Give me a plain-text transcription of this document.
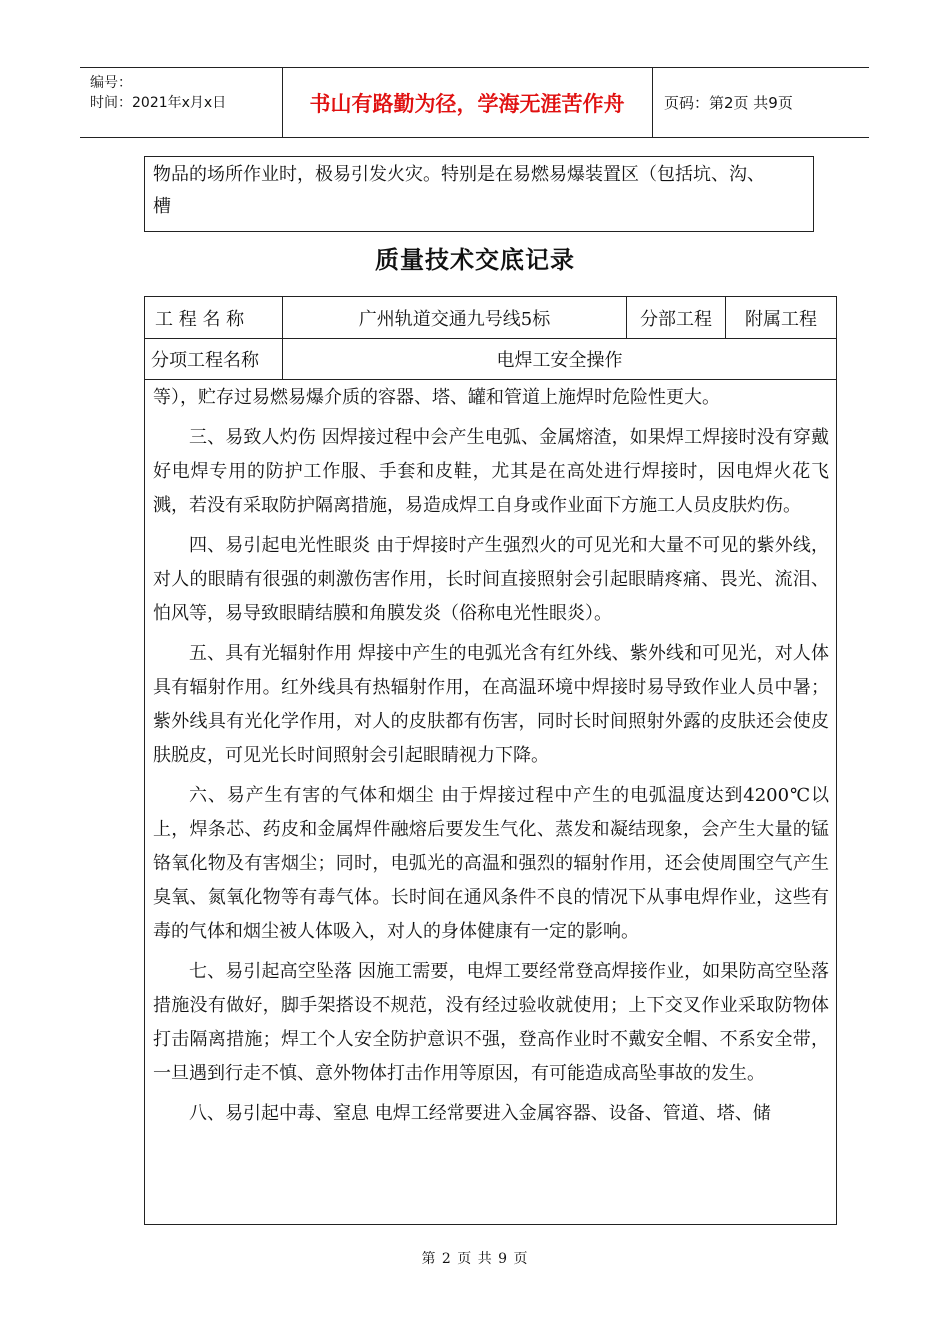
编号：
时间：2021年x月x日	书山有路勤为径，学海无涯苦作舟	页码：第2页 共9页

物品的场所作业时，极易引发火灾。特别是在易燃易爆装置区（包括坑、沟、

槽

质量技术交底记录
工 程 名 称	广州轨道交通九号线5标	分部工程	附属工程
分项工程名称	电焊工安全操作

等），贮存过易燃易爆介质的容器、塔、罐和管道上施焊时危险性更大。

三、易致人灼伤 因焊接过程中会产生电弧、金属熔渣，如果焊工焊接时没有穿戴好电焊专用的防护工作服、手套和皮鞋，尤其是在高处进行焊接时，因电焊火花飞溅，若没有采取防护隔离措施，易造成焊工自身或作业面下方施工人员皮肤灼伤。

四、易引起电光性眼炎 由于焊接时产生强烈火的可见光和大量不可见的紫外线，对人的眼睛有很强的刺激伤害作用，长时间直接照射会引起眼睛疼痛、畏光、流泪、怕风等，易导致眼睛结膜和角膜发炎（俗称电光性眼炎）。

五、具有光辐射作用 焊接中产生的电弧光含有红外线、紫外线和可见光，对人体具有辐射作用。红外线具有热辐射作用，在高温环境中焊接时易导致作业人员中暑；紫外线具有光化学作用，对人的皮肤都有伤害，同时长时间照射外露的皮肤还会使皮肤脱皮，可见光长时间照射会引起眼睛视力下降。

六、易产生有害的气体和烟尘 由于焊接过程中产生的电弧温度达到4200℃以上，焊条芯、药皮和金属焊件融熔后要发生气化、蒸发和凝结现象，会产生大量的锰铬氧化物及有害烟尘；同时，电弧光的高温和强烈的辐射作用，还会使周围空气产生臭氧、氮氧化物等有毒气体。长时间在通风条件不良的情况下从事电焊作业，这些有毒的气体和烟尘被人体吸入，对人的身体健康有一定的影响。

七、易引起高空坠落 因施工需要，电焊工要经常登高焊接作业，如果防高空坠落措施没有做好，脚手架搭设不规范，没有经过验收就使用；上下交叉作业采取防物体打击隔离措施；焊工个人安全防护意识不强，登高作业时不戴安全帽、不系安全带，一旦遇到行走不慎、意外物体打击作用等原因，有可能造成高坠事故的发生。

八、易引起中毒、窒息 电焊工经常要进入金属容器、设备、管道、塔、储

第 2 页 共 9 页
